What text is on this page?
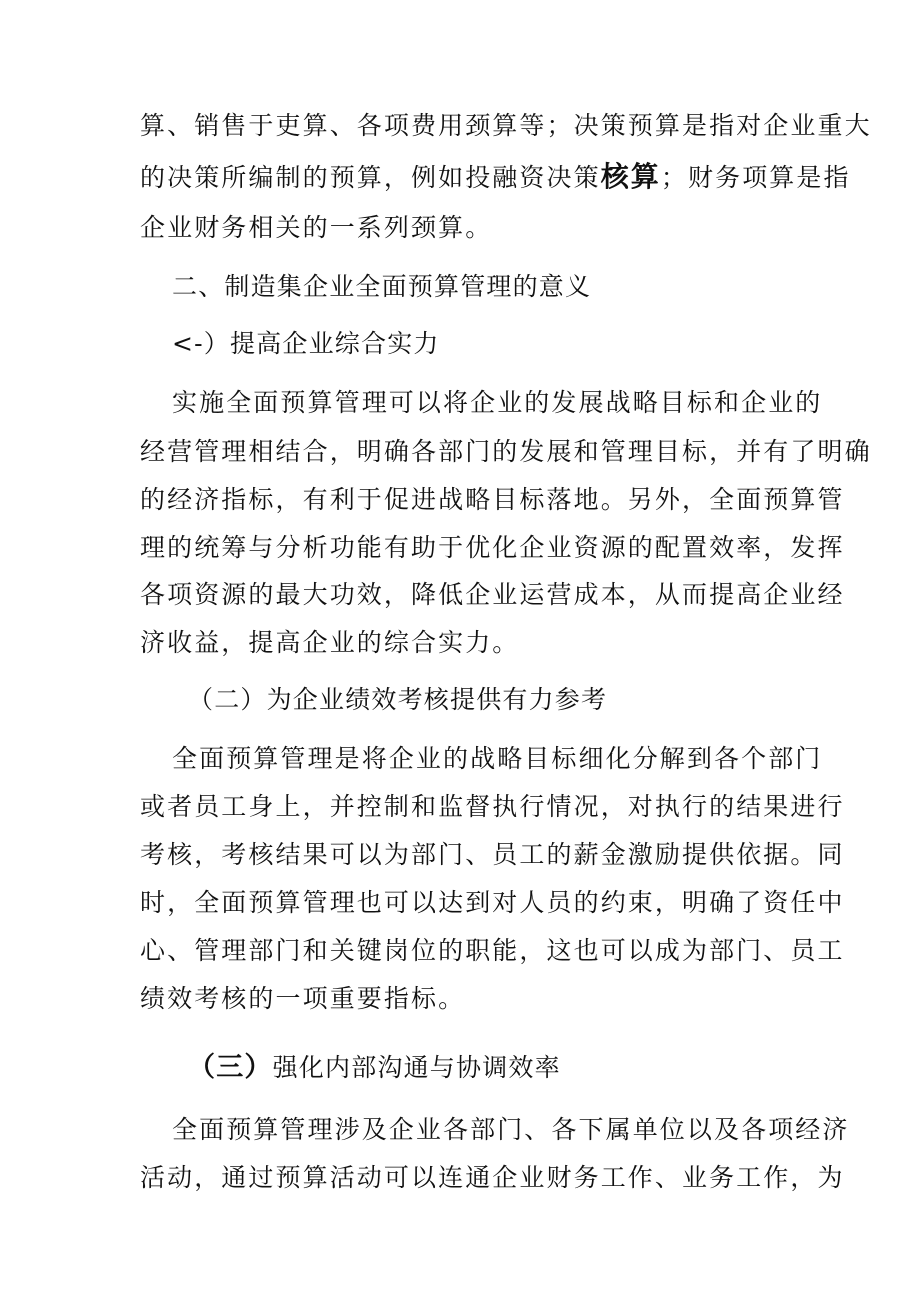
算、销售于吏算、各项费用颈算等；决策预算是指对企业重大
的决策所编制的预算，例如投融资决策核算；财务项算是指
企业财务相关的一系列颈算。
二、制造集企业全面预算管理的意义
<-）提高企业综合实力
实施全面预算管理可以将企业的发展战略目标和企业的
经营管理相结合，明确各部门的发展和管理目标，并有了明确
的经济指标，有利于促进战略目标落地。另外，全面预算管
理的统筹与分析功能有助于优化企业资源的配置效率，发挥
各项资源的最大功效，降低企业运营成本，从而提高企业经
济收益，提高企业的综合实力。
（二）为企业绩效考核提供有力参考
全面预算管理是将企业的战略目标细化分解到各个部门
或者员工身上，并控制和监督执行情况，对执行的结果进行
考核，考核结果可以为部门、员工的薪金激励提供依据。同
时，全面预算管理也可以达到对人员的约束，明确了资任中
心、管理部门和关键岗位的职能，这也可以成为部门、员工
绩效考核的一项重要指标。
（三）强化内部沟通与协调效率
全面预算管理涉及企业各部门、各下属单位以及各项经济
活动，通过预算活动可以连通企业财务工作、业务工作，为
